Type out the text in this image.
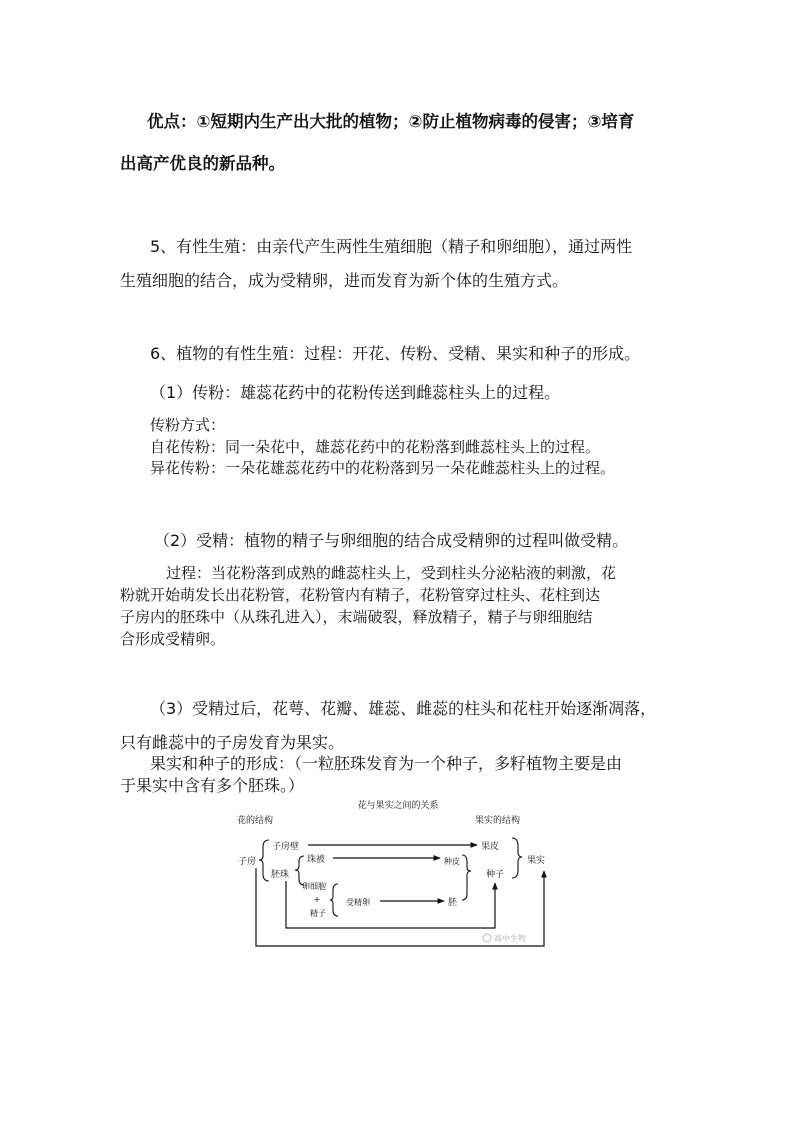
优点：①短期内生产出大批的植物；②防止植物病毒的侵害；③培育
出高产优良的新品种。
5、有性生殖：由亲代产生两性生殖细胞（精子和卵细胞），通过两性
生殖细胞的结合，成为受精卵，进而发育为新个体的生殖方式。
6、植物的有性生殖：过程：开花、传粉、受精、果实和种子的形成。
（1）传粉：雄蕊花药中的花粉传送到雌蕊柱头上的过程。
传粉方式：
自花传粉：同一朵花中，雄蕊花药中的花粉落到雌蕊柱头上的过程。
异花传粉：一朵花雄蕊花药中的花粉落到另一朵花雌蕊柱头上的过程。
（2）受精：植物的精子与卵细胞的结合成受精卵的过程叫做受精。
过程：当花粉落到成熟的雌蕊柱头上，受到柱头分泌粘液的刺激，花
粉就开始萌发长出花粉管，花粉管内有精子，花粉管穿过柱头、花柱到达
子房内的胚珠中（从珠孔进入），末端破裂，释放精子，精子与卵细胞结
合形成受精卵。
（3）受精过后，花萼、花瓣、雄蕊、雌蕊的柱头和花柱开始逐渐凋落，
只有雌蕊中的子房发育为果实。
果实和种子的形成：（一粒胚珠发育为一个种子，多籽植物主要是由
于果实中含有多个胚珠。）
花与果实之间的关系
花的结构	果实的结构
子房
子房壁
胚珠
珠被
卵细胞
+
精子
受精卵
果皮
种皮
胚
种子
果实
高中生物
